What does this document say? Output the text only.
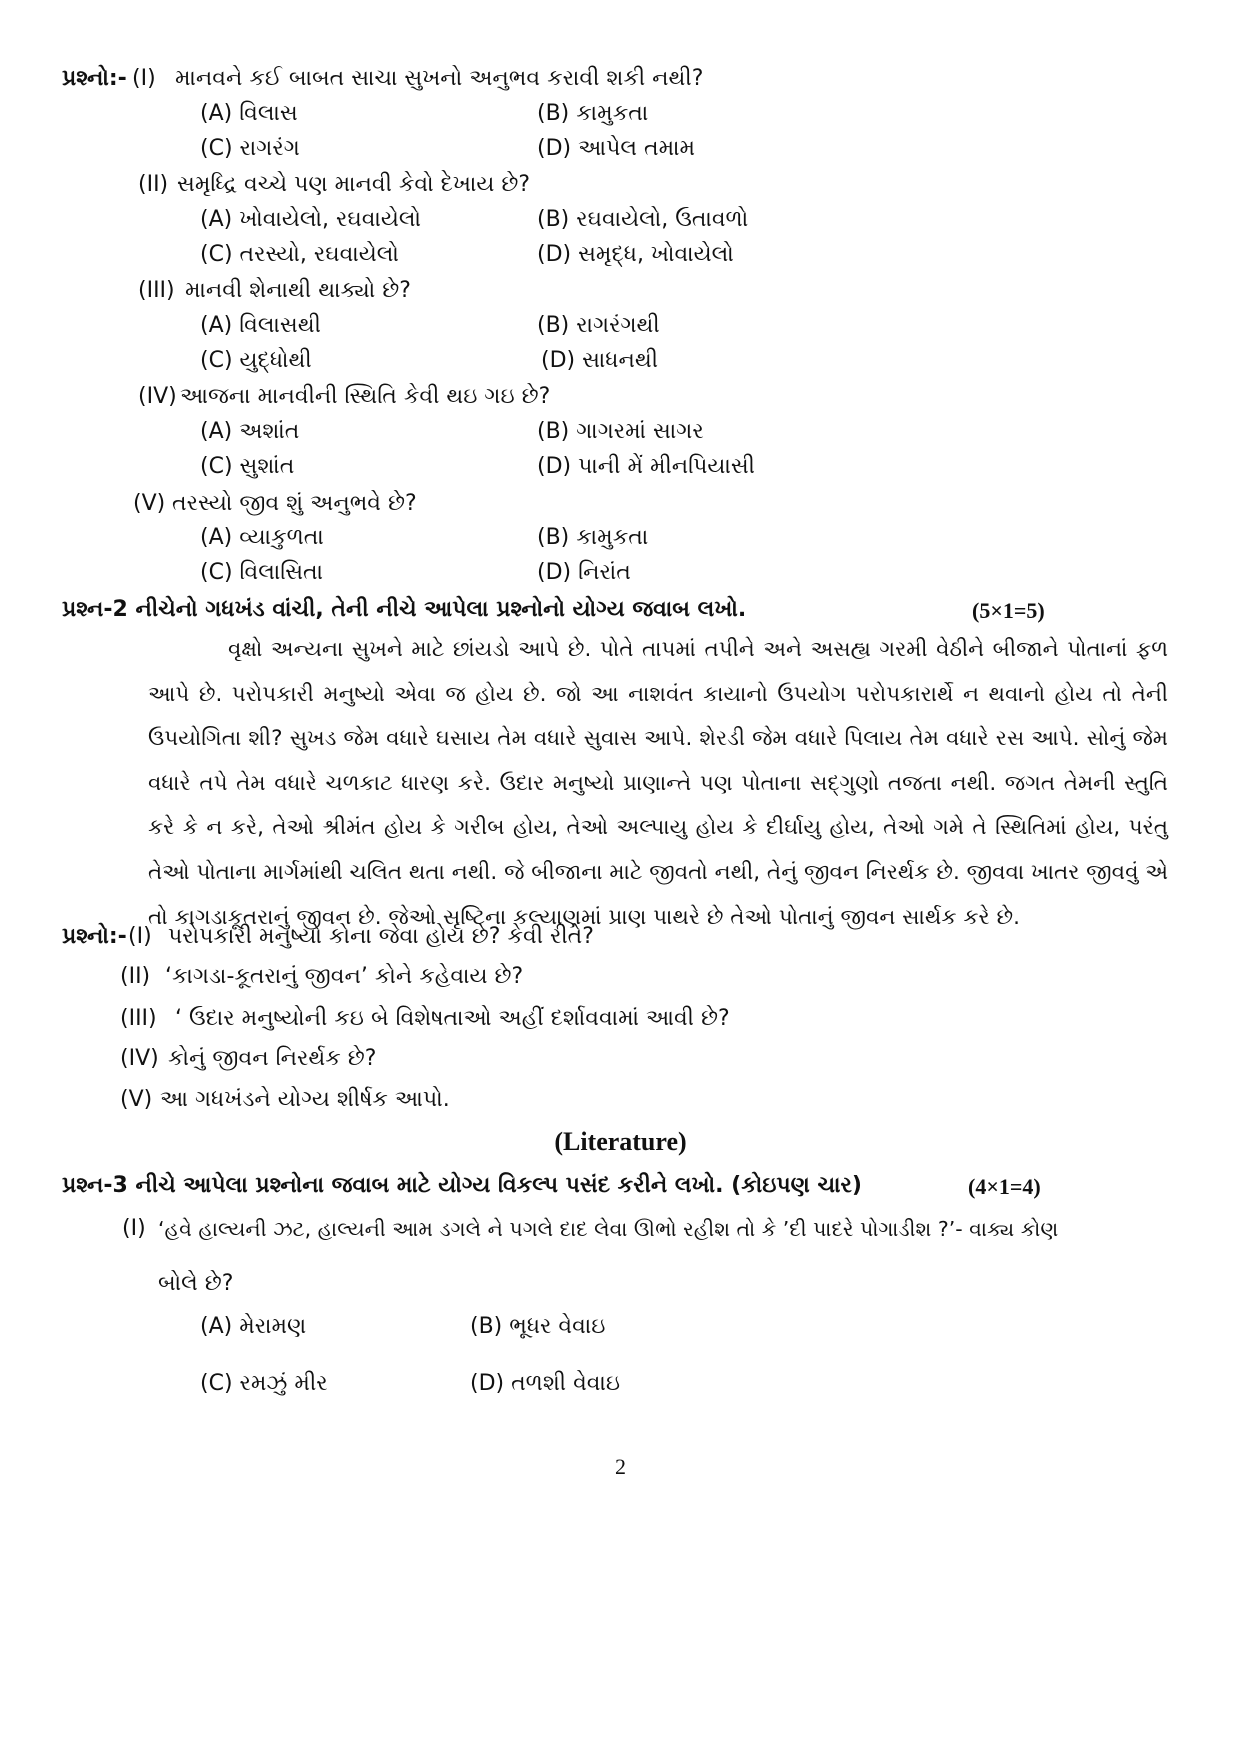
પ્રશ્નો:- (I) માનવને કઈ બાબત સાચા સુખનો અનુભવ કરાવી શકી નથી?
(A) વિલાસ	(B) કામુકતા
(C) રાગરંગ	(D) આપેલ તમામ
(II) સમૃધ્દ્રિ વચ્ચે પણ માનવી કેવો દેખાય છે?
(A) ખોવાયેલો, રઘવાયેલો	(B) રઘવાયેલો, ઉતાવળો
(C) તરસ્યો, રઘવાયેલો	(D) સમૃદ્ધ, ખોવાયેલો
(III) માનવી શેનાથી થાક્યો છે?
(A) વિલાસથી	(B) રાગરંગથી
(C) યુદ્ધોથી	(D) સાધનથી
(IV) આજના માનવીની સ્થિતિ કેવી થઇ ગઇ છે?
(A) અશાંત	(B) ગાગરમાં સાગર
(C) સુશાંત	(D) પાની મેં મીનપિયાસી
(V) તરસ્યો જીવ શું અનુભવે છે?
(A) વ્યાકુળતા	(B) કામુકતા
(C) વિલાસિતા	(D) નિરાંત
પ્રશ્ન-2 નીચેનો ગધખંડ વાંચી, તેની નીચે આપેલા પ્રશ્નોનો યોગ્ય જવાબ લખો.	(5×1=5)
વૃક્ષો અન્યના સુખને માટે છાંયડો આપે છે. પોતે તાપમાં તપીને અને અસહ્ય ગરમી વેઠીને બીજાને પોતાનાં ફળ આપે છે. પરોપકારી મનુષ્યો એવા જ હોય છે. જો આ નાશવંત કાયાનો ઉપયોગ પરોપકારાર્થે ન થવાનો હોય તો તેની ઉપયોગિતા શી? સુખડ જેમ વધારે ઘસાય તેમ વધારે સુવાસ આપે. શેરડી જેમ વધારે પિલાય તેમ વધારે રસ આપે. સોનું જેમ વધારે તપે તેમ વધારે ચળકાટ ધારણ કરે. ઉદાર મનુષ્યો પ્રાણાન્તે પણ પોતાના સદ્ગુણો તજતા નથી. જગત તેમની સ્તુતિ કરે કે ન કરે, તેઓ શ્રીમંત હોય કે ગરીબ હોય, તેઓ અલ્પાયુ હોય કે દીર્ઘાયુ હોય, તેઓ ગમે તે સ્થિતિમાં હોય, પરંતુ તેઓ પોતાના માર્ગમાંથી ચલિત થતા નથી. જે બીજાના માટે જીવતો નથી, તેનું જીવન નિરર્થક છે. જીવવા ખાતર જીવવું એ તો કાગડાકૂતરાનું જીવન છે. જેઓ સૃષ્ટિના કલ્યાણમાં પ્રાણ પાથરે છે તેઓ પોતાનું જીવન સાર્થક કરે છે.
પ્રશ્નો:- (I) પરોપકારી મનુષ્યો કોના જેવા હોય છે? કેવી રીતે?
(II) ‘કાગડા-કૂતરાનું જીવન’ કોને કહેવાય છે?
(III) ‘ ઉદાર મનુષ્યોની કઇ બે વિશેષતાઓ અહીં દર્શાવવામાં આવી છે?
(IV) કોનું જીવન નિરર્થક છે?
(V) આ ગધખંડને યોગ્ય શીર્ષક આપો.
(Literature)
પ્રશ્ન-3 નીચે આપેલા પ્રશ્નોના જવાબ માટે યોગ્ય વિકલ્પ પસંદ કરીને લખો. (કોઇપણ ચાર)	(4×1=4)
(I) ‘હવે હાલ્યની ઝટ, હાલ્યની આમ ડગલે ને પગલે દાદ લેવા ઊભો રહીશ તો કે ’દી પાદરે પોગાડીશ ?’- વાક્ય કોણ
બોલે છે?
(A) મેરામણ	(B) ભૂધર વેવાઇ
(C) રમઝું મીર	(D) તળશી વેવાઇ
2
